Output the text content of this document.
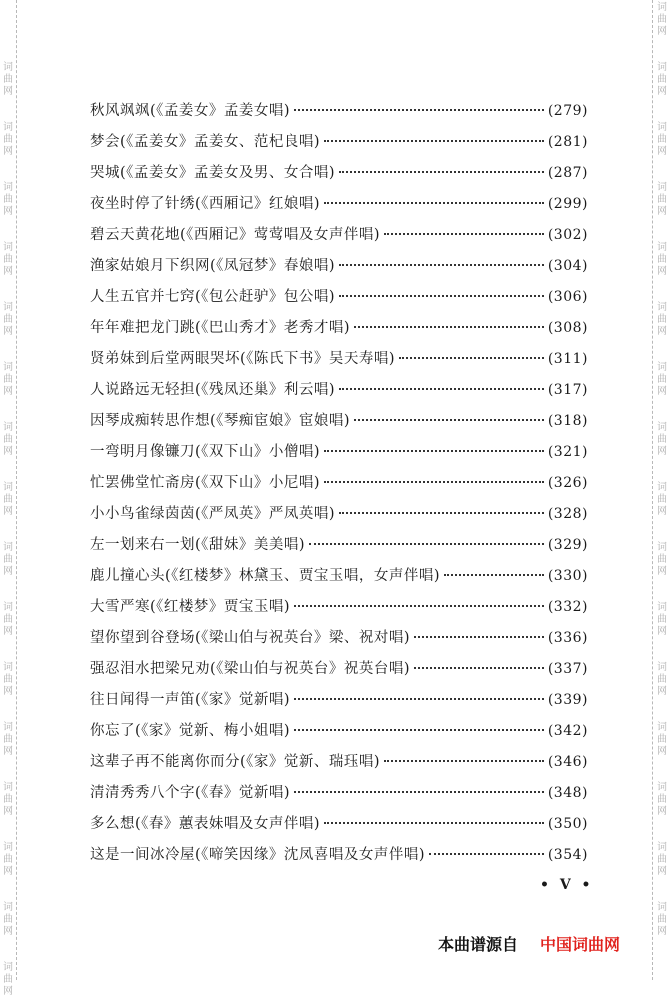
词
曲
网
词
曲
网
词
曲
网
词
曲
网
词
曲
网
词
曲
网
词
曲
网
词
曲
网
词
曲
网
词
曲
网
词
曲
网
词
曲
网
词
曲
网
词
曲
网
词
曲
网
词
曲
网
词
曲
网
词
曲
网
词
曲
网
词
曲
网
词
曲
网
词
曲
网
词
曲
网
词
曲
网
词
曲
网
词
曲
网
词
曲
网
词
曲
网
词
曲
网
词
曲
网
词
曲
网
词
曲
网
秋风飒飒(《孟姜女》孟姜女唱)	(279)
梦会(《孟姜女》孟姜女、范杞良唱)	(281)
哭城(《孟姜女》孟姜女及男、女合唱)	(287)
夜坐时停了针绣(《西厢记》红娘唱)	(299)
碧云天黄花地(《西厢记》莺莺唱及女声伴唱)	(302)
渔家姑娘月下织网(《凤冠梦》春娘唱)	(304)
人生五官并七窍(《包公赶驴》包公唱)	(306)
年年难把龙门跳(《巴山秀才》老秀才唱)	(308)
贤弟妹到后堂两眼哭坏(《陈氏下书》吴天寿唱)	(311)
人说路远无轻担(《残凤还巢》利云唱)	(317)
因琴成痴转思作想(《琴痴宦娘》宦娘唱)	(318)
一弯明月像镰刀(《双下山》小僧唱)	(321)
忙罢佛堂忙斋房(《双下山》小尼唱)	(326)
小小鸟雀绿茵茵(《严凤英》严凤英唱)	(328)
左一划来右一划(《甜妹》美美唱)	(329)
鹿儿撞心头(《红楼梦》林黛玉、贾宝玉唱，女声伴唱)	(330)
大雪严寒(《红楼梦》贾宝玉唱)	(332)
望你望到谷登场(《梁山伯与祝英台》梁、祝对唱)	(336)
强忍泪水把梁兄劝(《梁山伯与祝英台》祝英台唱)	(337)
往日闻得一声笛(《家》觉新唱)	(339)
你忘了(《家》觉新、梅小姐唱)	(342)
这辈子再不能离你而分(《家》觉新、瑞珏唱)	(346)
清清秀秀八个字(《春》觉新唱)	(348)
多么想(《春》蕙表妹唱及女声伴唱)	(350)
这是一间冰冷屋(《啼笑因缘》沈凤喜唱及女声伴唱)	(354)
• V •
本曲谱源自 中国词曲网
